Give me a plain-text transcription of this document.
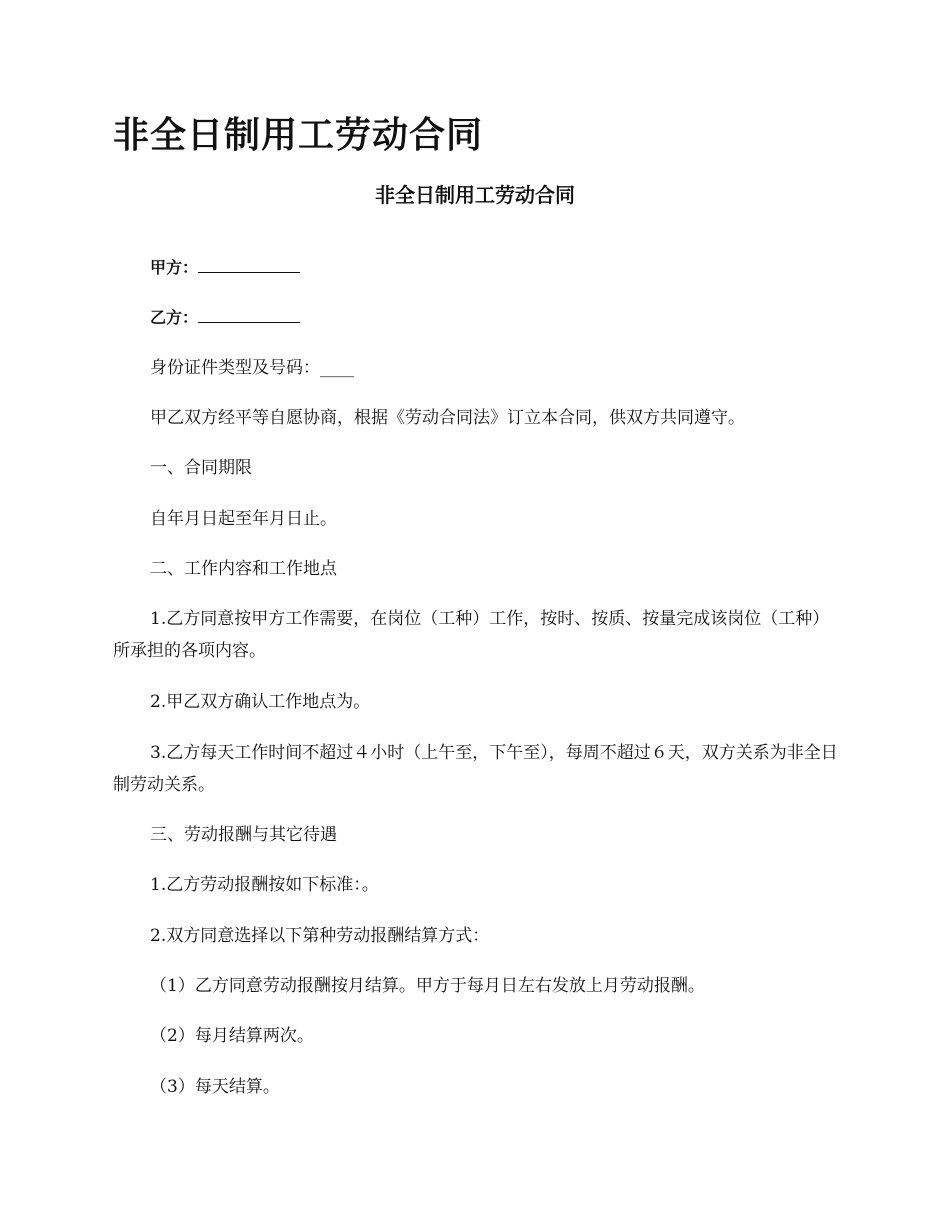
非全日制用工劳动合同
非全日制用工劳动合同

甲方：

乙方：

身份证件类型及号码：____

甲乙双方经平等自愿协商，根据《劳动合同法》订立本合同，供双方共同遵守。

一、合同期限

自年月日起至年月日止。

二、工作内容和工作地点

1.乙方同意按甲方工作需要，在岗位（工种）工作，按时、按质、按量完成该岗位（工种）所承担的各项内容。

2.甲乙双方确认工作地点为。

3.乙方每天工作时间不超过４小时（上午至，下午至），每周不超过６天，双方关系为非全日制劳动关系。

三、劳动报酬与其它待遇

1.乙方劳动报酬按如下标准：。

2.双方同意选择以下第种劳动报酬结算方式：

（1）乙方同意劳动报酬按月结算。甲方于每月日左右发放上月劳动报酬。

（2）每月结算两次。

（3）每天结算。
